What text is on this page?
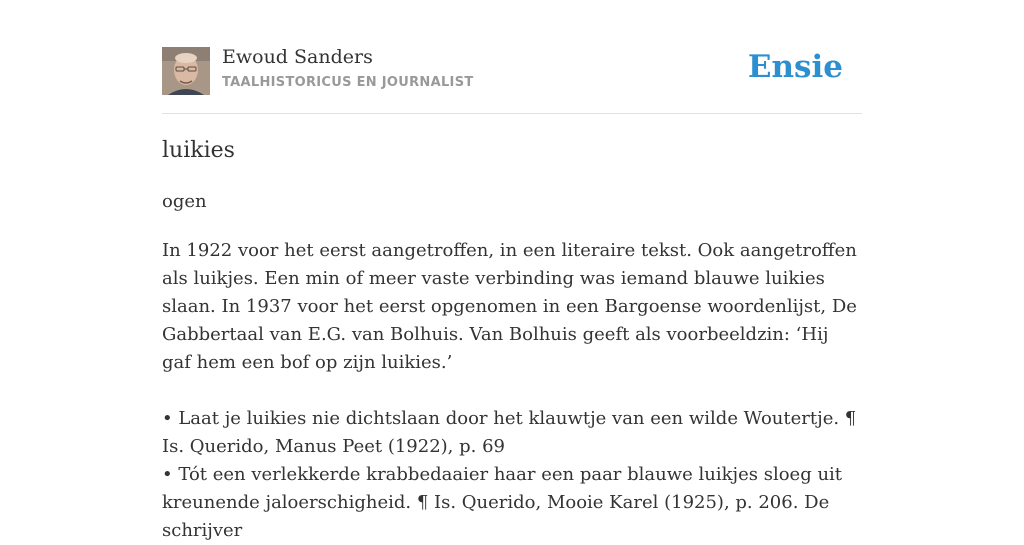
Ewoud Sanders
TAALHISTORICUS EN JOURNALIST	Ensie
luikies
ogen
In 1922 voor het eerst aangetroffen, in een literaire tekst. Ook aangetroffen als luikjes. Een min of meer vaste verbinding was iemand blauwe luikies slaan. In 1937 voor het eerst opgenomen in een Bargoense woordenlijst, De Gabbertaal van E.G. van Bolhuis. Van Bolhuis geeft als voorbeeldzin: ‘Hij gaf hem een bof op zijn luikies.’

• Laat je luikies nie dichtslaan door het klauwtje van een wilde Woutertje. ¶ Is. Querido, Manus Peet (1922), p. 69
• Tót een verlekkerde krabbedaaier haar een paar blauwe luikjes sloeg uit kreunende jaloerschigheid. ¶ Is. Querido, Mooie Karel (1925), p. 206. De schrijver
